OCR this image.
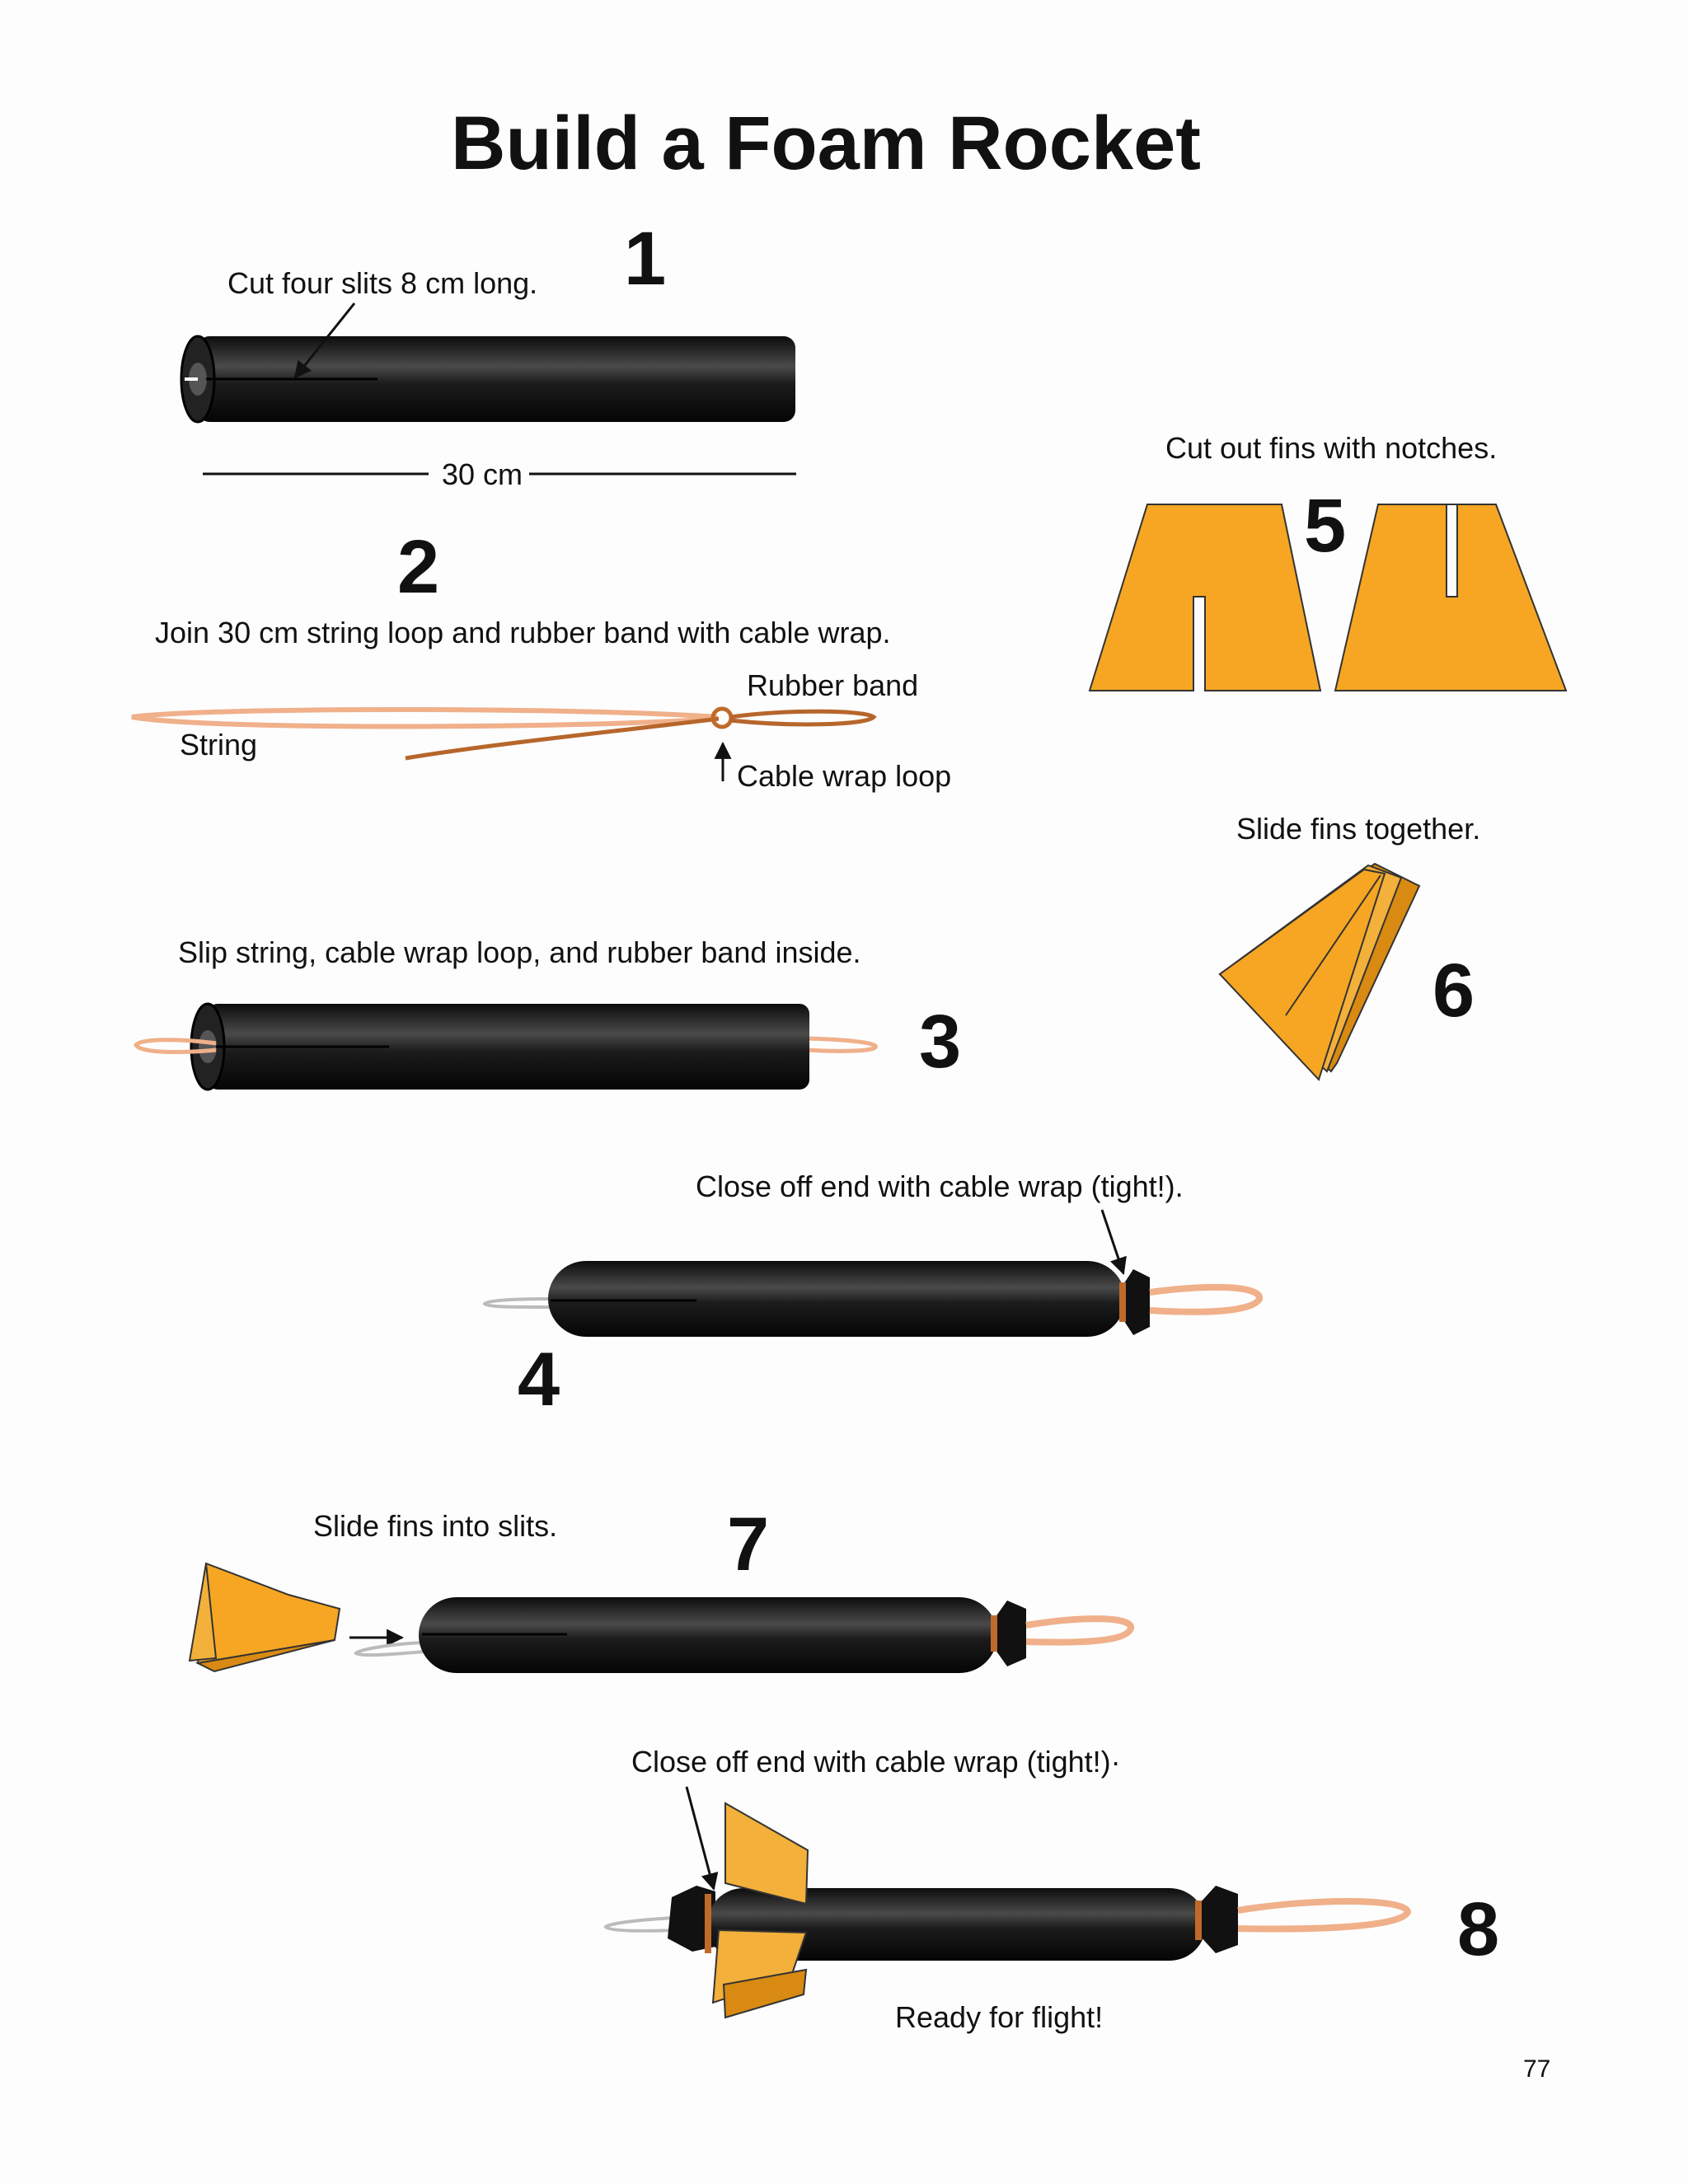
Build a Foam Rocket
1
Cut four slits 8 cm long.
30 cm
2
Join 30 cm string loop and rubber band with cable wrap.
Rubber band
String
Cable wrap loop
Slip string, cable wrap loop, and rubber band inside.
3
Close off end with cable wrap (tight!).
4
Cut out fins with notches.
5
Slide fins together.
6
Slide fins into slits. 7
Close off end with cable wrap (tight!)·
8
Ready for flight!
77
